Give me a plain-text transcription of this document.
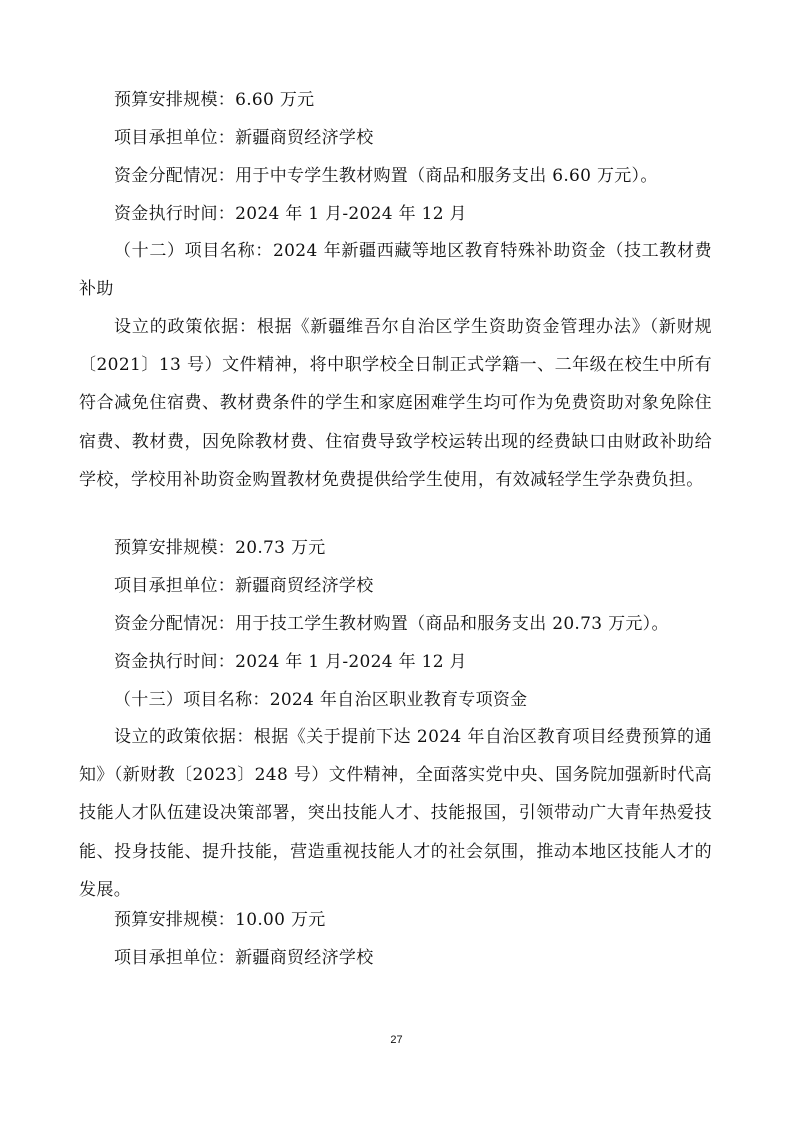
预算安排规模：6.60 万元
项目承担单位：新疆商贸经济学校
资金分配情况：用于中专学生教材购置（商品和服务支出 6.60 万元）。
资金执行时间：2024 年 1 月-2024 年 12 月
（十二）项目名称：2024 年新疆西藏等地区教育特殊补助资金（技工教材费补助
设立的政策依据：根据《新疆维吾尔自治区学生资助资金管理办法》（新财规〔2021〕13 号）文件精神，将中职学校全日制正式学籍一、二年级在校生中所有符合减免住宿费、教材费条件的学生和家庭困难学生均可作为免费资助对象免除住宿费、教材费，因免除教材费、住宿费导致学校运转出现的经费缺口由财政补助给学校，学校用补助资金购置教材免费提供给学生使用，有效减轻学生学杂费负担。
预算安排规模：20.73 万元
项目承担单位：新疆商贸经济学校
资金分配情况：用于技工学生教材购置（商品和服务支出 20.73 万元）。
资金执行时间：2024 年 1 月-2024 年 12 月
（十三）项目名称：2024 年自治区职业教育专项资金
设立的政策依据：根据《关于提前下达 2024 年自治区教育项目经费预算的通知》（新财教〔2023〕248 号）文件精神，全面落实党中央、国务院加强新时代高技能人才队伍建设决策部署，突出技能人才、技能报国，引领带动广大青年热爱技能、投身技能、提升技能，营造重视技能人才的社会氛围，推动本地区技能人才的发展。
预算安排规模：10.00 万元
项目承担单位：新疆商贸经济学校
27
